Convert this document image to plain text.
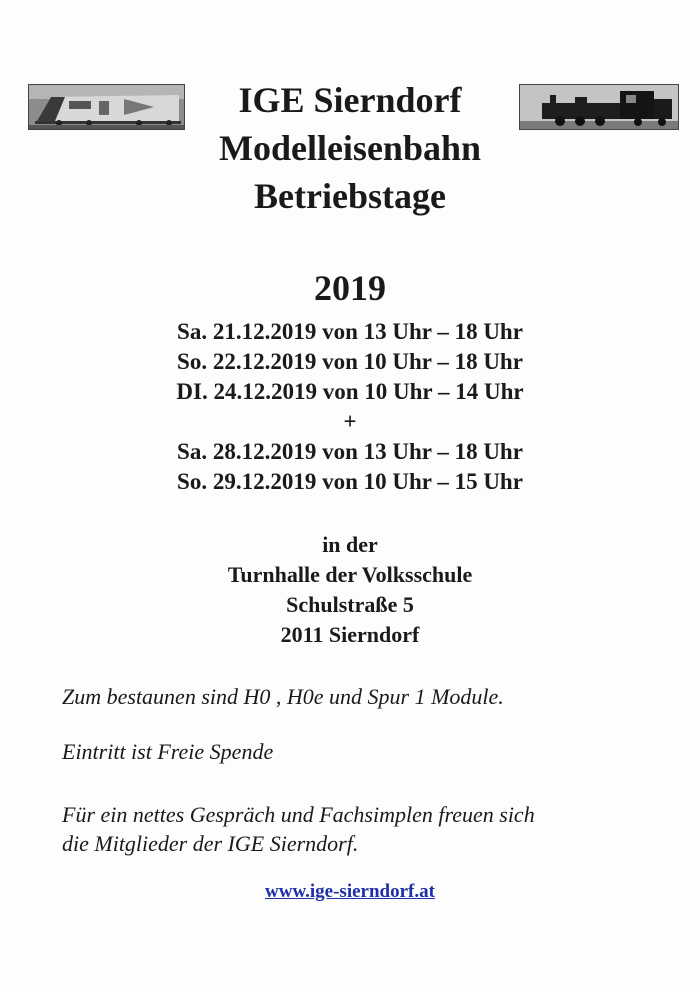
IGE Sierndorf
Modelleisenbahn
Betriebstage
2019
Sa. 21.12.2019 von 13 Uhr – 18 Uhr
So. 22.12.2019 von 10 Uhr – 18 Uhr
DI. 24.12.2019 von 10 Uhr – 14 Uhr
+
Sa. 28.12.2019 von 13 Uhr – 18 Uhr
So. 29.12.2019 von 10 Uhr – 15 Uhr
in der
Turnhalle der Volksschule
Schulstraße 5
2011 Sierndorf
Zum bestaunen sind H0 , H0e und Spur 1 Module.
Eintritt ist Freie Spende
Für ein nettes Gespräch und Fachsimplen freuen sich
die Mitglieder der IGE Sierndorf.
www.ige-sierndorf.at
